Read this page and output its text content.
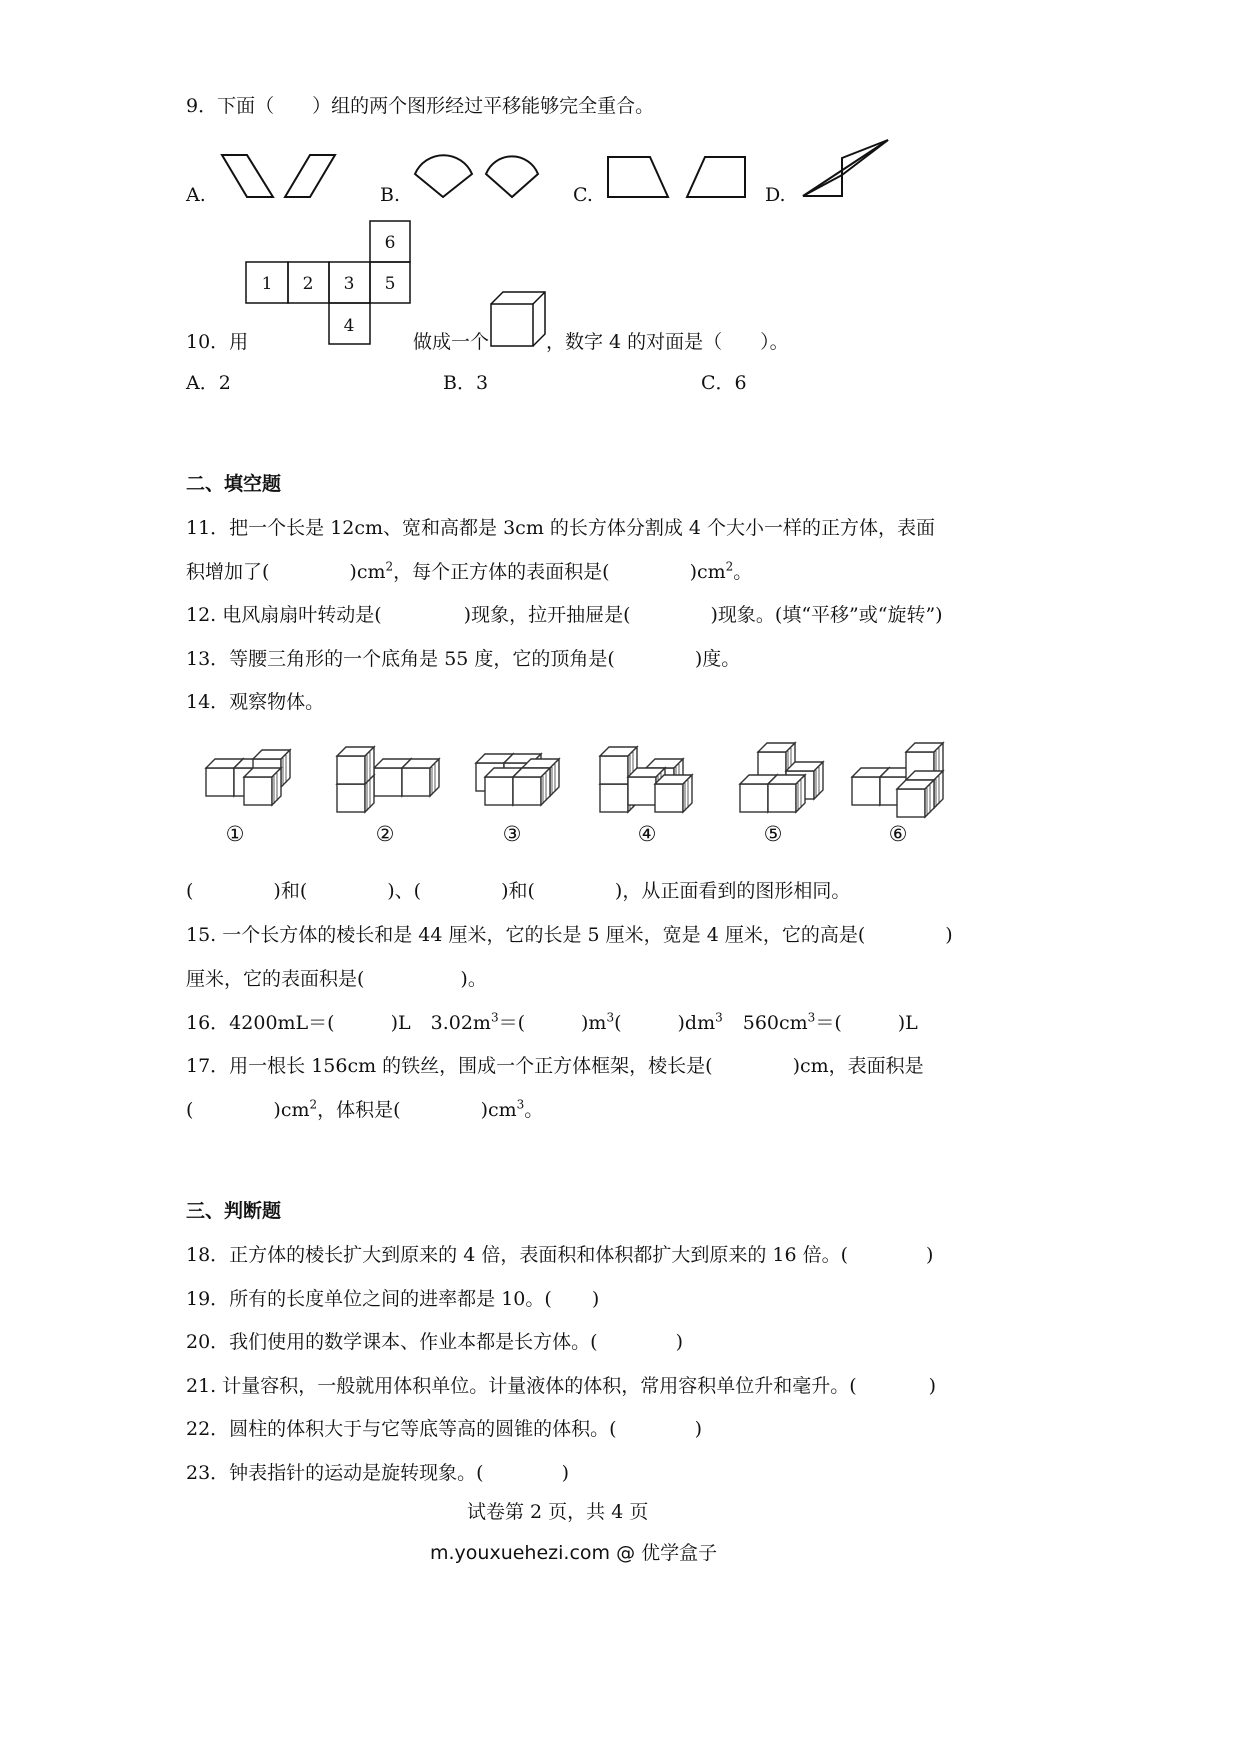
9．下面（　　）组的两个图形经过平移能够完全重合。
A.	B.	C.	D.
1 2 3 5
6
4
10．用	做成一个	，数字 4 的对面是（　　）。
A．2	B．3	C．6
二、填空题
11．把一个长是 12cm、宽和高都是 3cm 的长方体分割成 4 个大小一样的正方体，表面
积增加了(	)$cm^2$，每个正方体的表面积是(	)$cm^2$。
12. 电风扇扇叶转动是(	)现象，拉开抽屉是(	)现象。(填“平移”或“旋转”)
13．等腰三角形的一个底角是 55 度，它的顶角是(	)度。
14．观察物体。
①	②	③	④	⑤	⑥
(	)和(	)、(	)和(	)，从正面看到的图形相同。
15. 一个长方体的棱长和是 44 厘米，它的长是 5 厘米，宽是 4 厘米，它的高是(	)
厘米，它的表面积是(	)。
16．4200mL＝(	)L $3.02m^3=$(	)$m^3$(	)$dm^3$ $560cm^3=$(	)L
17．用一根长 156cm 的铁丝，围成一个正方体框架，棱长是(	)cm，表面积是
(	)$cm^2$，体积是(	)$cm^3$。
三、判断题
18．正方体的棱长扩大到原来的 4 倍，表面积和体积都扩大到原来的 16 倍。(	)
19．所有的长度单位之间的进率都是 10。( )
20．我们使用的数学课本、作业本都是长方体。(	)
21. 计量容积，一般就用体积单位。计量液体的体积，常用容积单位升和毫升。(	)
22．圆柱的体积大于与它等底等高的圆锥的体积。(	)
23．钟表指针的运动是旋转现象。(	)
试卷第 2 页，共 4 页
m.youxuehezi.com @ 优学盒子
